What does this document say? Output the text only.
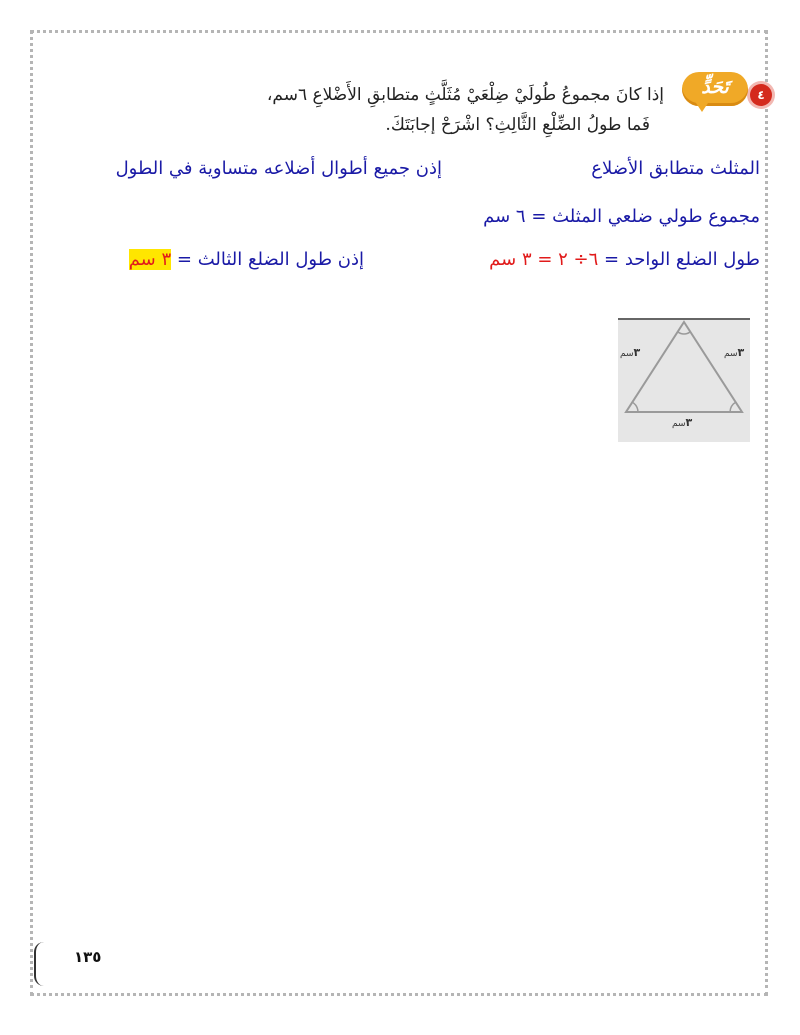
٤
تَحَدٍّ
إذا كانَ مجموعُ طُولَيْ ضِلْعَيْ مُثَلَّثٍ متطابقِ الأَضْلاعِ ٦سم،
فَما طولُ الضِّلْعِ الثَّالِثِ؟ اشْرَحْ إجابَتَكَ.
المثلث متطابق الأضلاع
إذن جميع أطوال أضلاعه متساوية في الطول
مجموع طولي ضلعي المثلث = ٦ سم
طول الضلع الواحد = ٦÷ ٢ = ٣ سم
إذن طول الضلع الثالث = ٣ سم
٣سم	٣سم
٣سم
١٣٥
